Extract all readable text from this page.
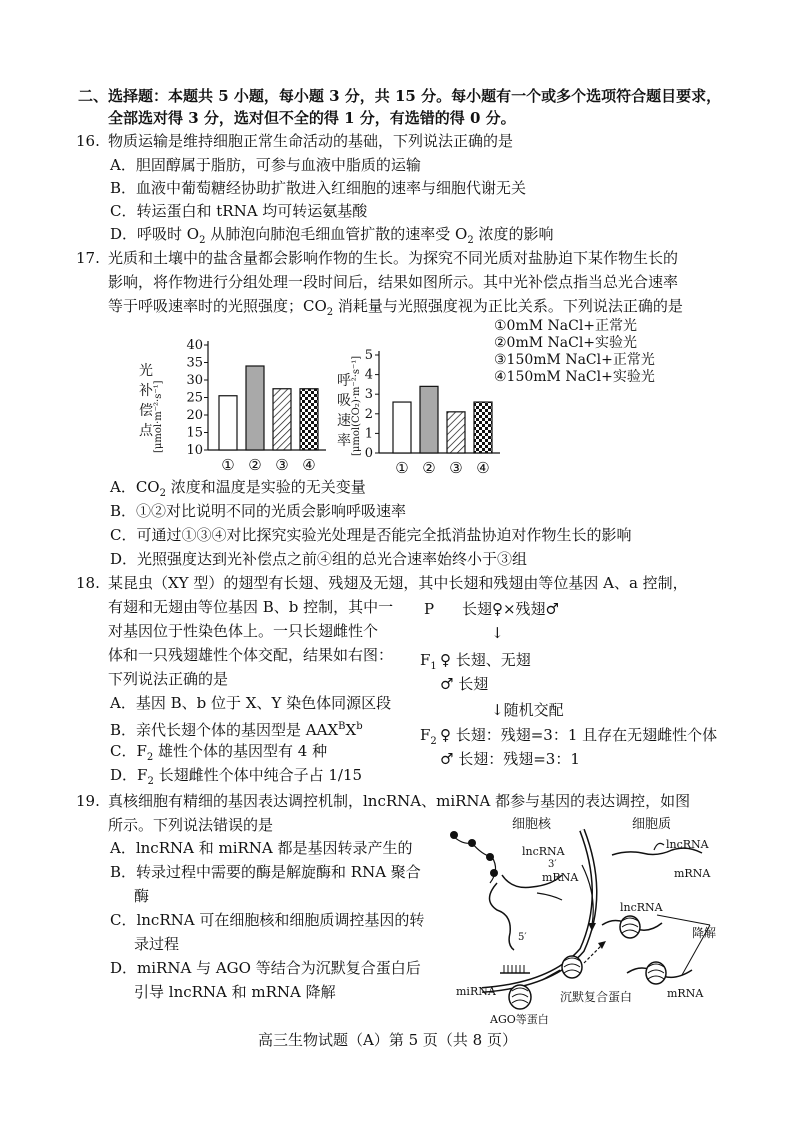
二、选择题：本题共 5 小题，每小题 3 分，共 15 分。每小题有一个或多个选项符合题目要求，
全部选对得 3 分，选对但不全的得 1 分，有选错的得 0 分。
16. 物质运输是维持细胞正常生命活动的基础，下列说法正确的是
A．胆固醇属于脂肪，可参与血液中脂质的运输
B．血液中葡萄糖经协助扩散进入红细胞的速率与细胞代谢无关
C．转运蛋白和 tRNA 均可转运氨基酸
D．呼吸时 $O_2$ 从肺泡向肺泡毛细血管扩散的速率受 $O_2$ 浓度的影响
17. 光质和土壤中的盐含量都会影响作物的生长。为探究不同光质对盐胁迫下某作物生长的
影响，将作物进行分组处理一段时间后，结果如图所示。其中光补偿点指当总光合速率
等于呼吸速率时的光照强度；$CO_2$ 消耗量与光照强度视为正比关系。下列说法正确的是
①0mM NaCl+正常光
②0mM NaCl+实验光
③150mM NaCl+正常光
④150mM NaCl+实验光
40
35
30
25
20
15
10
光
补
偿
点 [μmol·m⁻²·s⁻¹]
① ② ③ ④
5
4
3
2
1
0
呼
吸
速
率 [μmol(CO₂)·m⁻²·s⁻¹]
① ② ③ ④
A．$CO_2$ 浓度和温度是实验的无关变量
B．①②对比说明不同的光质会影响呼吸速率
C．可通过①③④对比探究实验光处理是否能完全抵消盐协迫对作物生长的影响
D．光照强度达到光补偿点之前④组的总光合速率始终小于③组
18. 某昆虫（XY 型）的翅型有长翅、残翅及无翅，其中长翅和残翅由等位基因 A、a 控制，
有翅和无翅由等位基因 B、b 控制，其中一
对基因位于性染色体上。一只长翅雌性个
体和一只残翅雄性个体交配，结果如右图：
下列说法正确的是
A．基因 B、b 位于 X、Y 染色体同源区段
B．亲代长翅个体的基因型是 $AAX^BX^b$
C．$F_2$ 雄性个体的基因型有 4 种
D．$F_2$ 长翅雌性个体中纯合子占 1/15
P 长翅♀×残翅♂
↓
$F_1$ ♀ 长翅、无翅
♂ 长翅
↓随机交配
$F_2$ ♀ 长翅：残翅=3：1 且存在无翅雌性个体
♂ 长翅：残翅=3：1
19. 真核细胞有精细的基因表达调控机制，lncRNA、miRNA 都参与基因的表达调控，如图
所示。下列说法错误的是
A．lncRNA 和 miRNA 都是基因转录产生的
B．转录过程中需要的酶是解旋酶和 RNA 聚合
酶
C．lncRNA 可在细胞核和细胞质调控基因的转
录过程
D．miRNA 与 AGO 等结合为沉默复合蛋白后
引导 lncRNA 和 mRNA 降解
细胞核	细胞质
lncRNA
3′
mRNA
5′
lncRNA
mRNA
lncRNA
降解
miRNA
AGO等蛋白
沉默复合蛋白	mRNA
高三生物试题（A）第 5 页（共 8 页）
